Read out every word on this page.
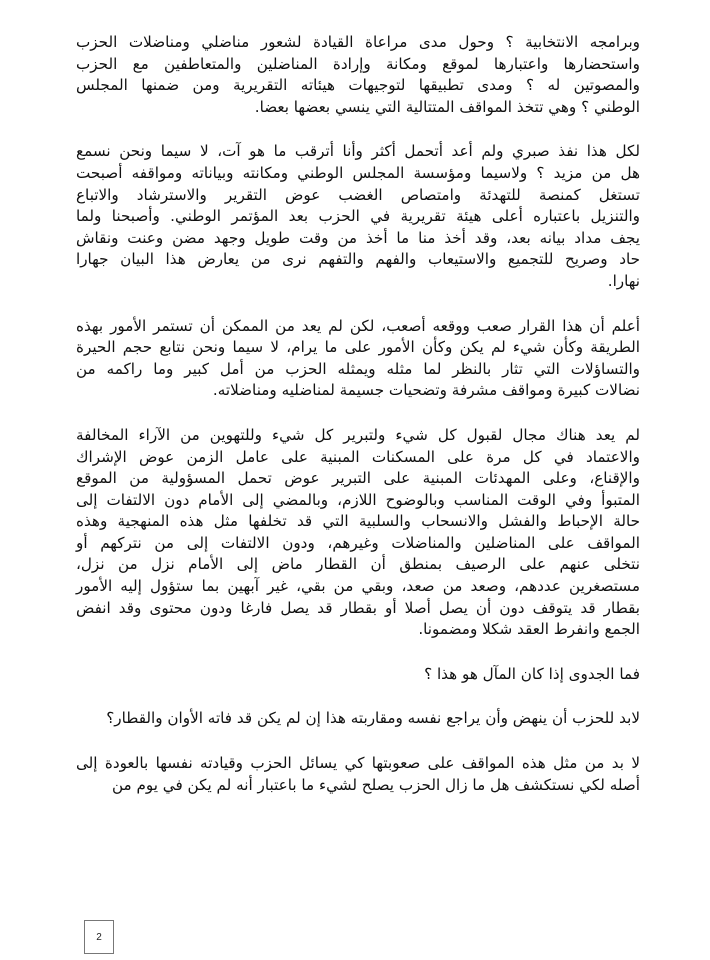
وبرامجه الانتخابية ؟ وحول مدى مراعاة القيادة لشعور مناضلي ومناضلات الحزب
واستحضارها واعتبارها لموقع ومكانة وإرادة المناضلين والمتعاطفين مع الحزب
والمصوتين له ؟ ومدى تطبيقها لتوجيهات هيئاته التقريرية ومن ضمنها المجلس
الوطني ؟ وهي تتخذ المواقف المتتالية التي ينسي بعضها بعضا.

لكل هذا نفذ صبري ولم أعد أتحمل أكثر وأنا أترقب ما هو آت، لا سيما ونحن نسمع
هل من مزيد ؟ ولاسيما ومؤسسة المجلس الوطني ومكانته وبياناته ومواقفه أصبحت
تستغل كمنصة للتهدئة وامتصاص الغضب عوض التقرير والاسترشاد والاتباع
والتنزيل باعتباره أعلى هيئة تقريرية في الحزب بعد المؤتمر الوطني. وأصبحنا ولما
يجف مداد بيانه بعد، وقد أخذ منا ما أخذ من وقت طويل وجهد مضن وعنت ونقاش
حاد وصريح للتجميع والاستيعاب والفهم والتفهم نرى من يعارض هذا البيان جهارا
نهارا.

أعلم أن هذا القرار صعب ووقعه أصعب، لكن لم يعد من الممكن أن تستمر الأمور بهذه
الطريقة وكأن شيء لم يكن وكأن الأمور على ما يرام، لا سيما ونحن نتابع حجم الحيرة
والتساؤلات التي تثار بالنظر لما مثله ويمثله الحزب من أمل كبير وما راكمه من
نضالات كبيرة ومواقف مشرفة وتضحيات جسيمة لمناضليه ومناضلاته.

لم يعد هناك مجال لقبول كل شيء ولتبرير كل شيء وللتهوين من الآراء المخالفة
والاعتماد في كل مرة على المسكنات المبنية على عامل الزمن عوض الإشراك
والإقناع، وعلى المهدئات المبنية على التبرير عوض تحمل المسؤولية من الموقع
المتبوأ وفي الوقت المناسب وبالوضوح اللازم، وبالمضي إلى الأمام دون الالتفات إلى
حالة الإحباط والفشل والانسحاب والسلبية التي قد تخلفها مثل هذه المنهجية وهذه
المواقف على المناضلين والمناضلات وغيرهم، ودون الالتفات إلى من نتركهم أو
نتخلى عنهم على الرصيف بمنطق أن القطار ماض إلى الأمام نزل من نزل،
مستصغرين عددهم، وصعد من صعد، وبقي من بقي، غير آبهين بما ستؤول إليه الأمور
بقطار قد يتوقف دون أن يصل أصلا أو بقطار قد يصل فارغا ودون محتوى وقد انفض
الجمع وانفرط العقد شكلا ومضمونا.

فما الجدوى إذا كان المآل هو هذا ؟

لابد للحزب أن ينهض وأن يراجع نفسه ومقاربته هذا إن لم يكن قد فاته الأوان والقطار؟

لا بد من مثل هذه المواقف على صعوبتها كي يسائل الحزب وقيادته نفسها بالعودة إلى
أصله لكي نستكشف هل ما زال الحزب يصلح لشيء ما باعتبار أنه لم يكن في يوم من

2
